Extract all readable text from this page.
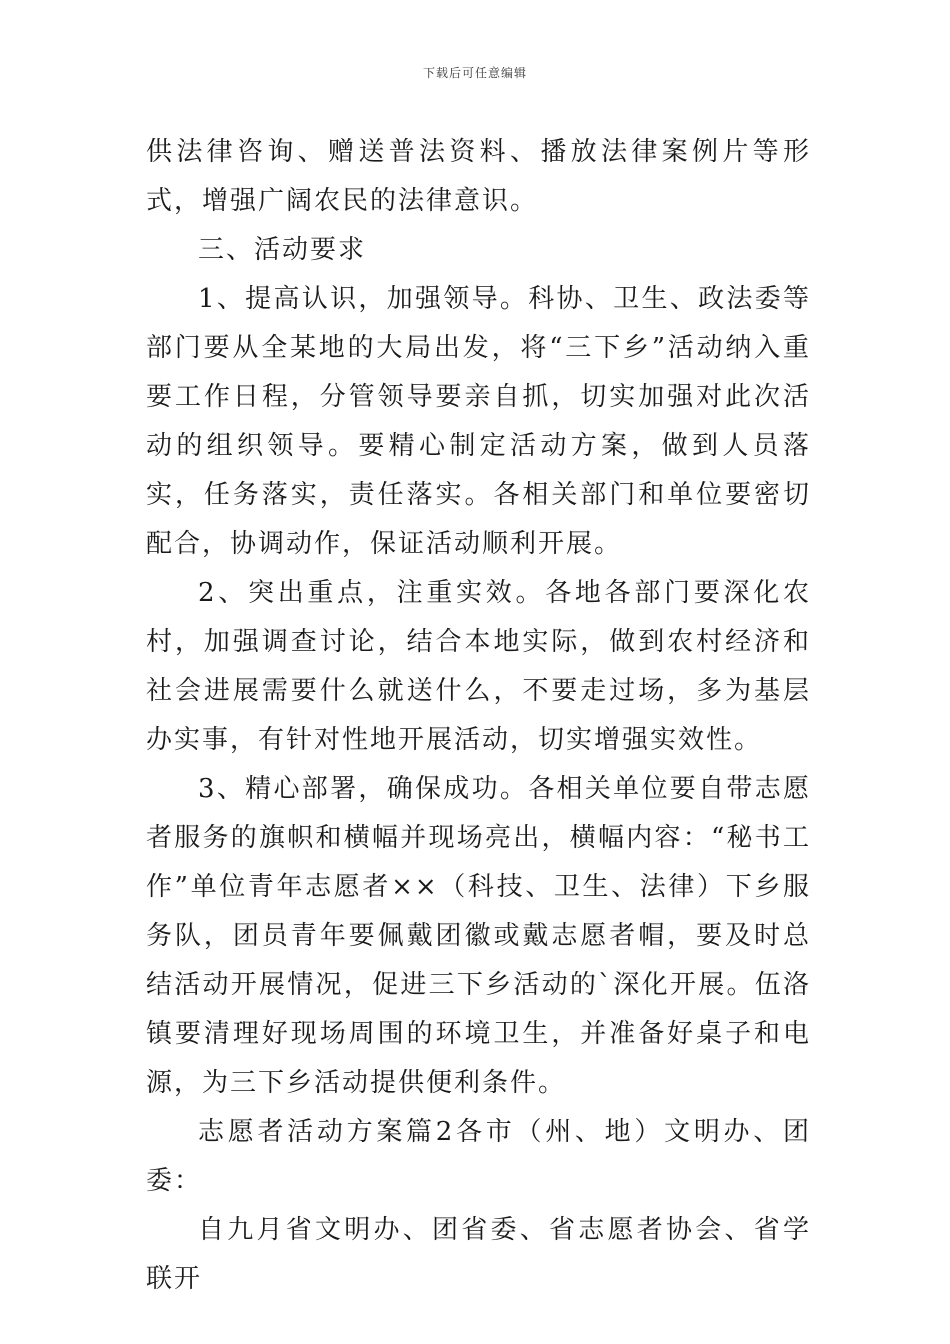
下载后可任意编辑

供法律咨询、赠送普法资料、播放法律案例片等形式，增强广阔农民的法律意识。

三、活动要求

1、提高认识，加强领导。科协、卫生、政法委等部门要从全某地的大局出发，将“三下乡”活动纳入重要工作日程，分管领导要亲自抓，切实加强对此次活动的组织领导。要精心制定活动方案，做到人员落实，任务落实，责任落实。各相关部门和单位要密切配合，协调动作，保证活动顺利开展。

2、突出重点，注重实效。各地各部门要深化农村，加强调查讨论，结合本地实际，做到农村经济和社会进展需要什么就送什么，不要走过场，多为基层办实事，有针对性地开展活动，切实增强实效性。

3、精心部署，确保成功。各相关单位要自带志愿者服务的旗帜和横幅并现场亮出，横幅内容：“秘书工作”单位青年志愿者××（科技、卫生、法律）下乡服务队，团员青年要佩戴团徽或戴志愿者帽，要及时总结活动开展情况，促进三下乡活动的`深化开展。伍洛镇要清理好现场周围的环境卫生，并准备好桌子和电源，为三下乡活动提供便利条件。

志愿者活动方案篇2各市（州、地）文明办、团委：

自九月省文明办、团省委、省志愿者协会、省学联开
